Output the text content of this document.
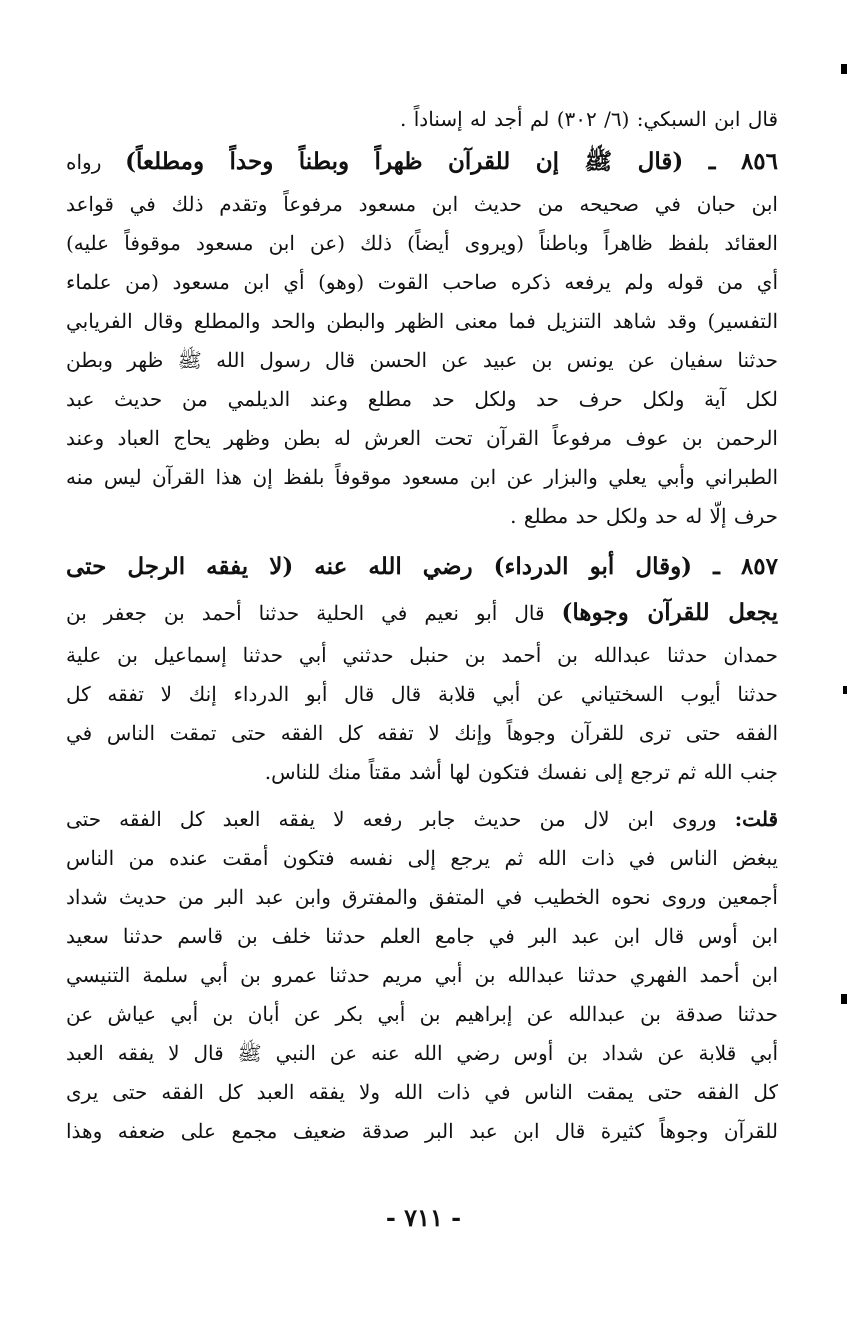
قال ابن السبكي: (٦/ ٣٠٢) لم أجد له إسناداً .
٨٥٦ ـ (قال ﷺ إن للقرآن ظهراً وبطناً وحداً ومطلعاً) رواه
ابن حبان في صحيحه من حديث ابن مسعود مرفوعاً وتقدم ذلك في قواعد
العقائد بلفظ ظاهراً وباطناً (ويروى أيضاً) ذلك (عن ابن مسعود موقوفاً عليه)
أي من قوله ولم يرفعه ذكره صاحب القوت (وهو) أي ابن مسعود (من علماء
التفسير) وقد شاهد التنزيل فما معنى الظهر والبطن والحد والمطلع وقال الفريابي
حدثنا سفيان عن يونس بن عبيد عن الحسن قال رسول الله ﷺ ظهر وبطن
لكل آية ولكل حرف حد ولكل حد مطلع وعند الديلمي من حديث عبد
الرحمن بن عوف مرفوعاً القرآن تحت العرش له بطن وظهر يحاج العباد وعند
الطبراني وأبي يعلي والبزار عن ابن مسعود موقوفاً بلفظ إن هذا القرآن ليس منه
حرف إلّا له حد ولكل حد مطلع .
٨٥٧ ـ (وقال أبو الدرداء) رضي الله عنه (لا يفقه الرجل حتى
يجعل للقرآن وجوها) قال أبو نعيم في الحلية حدثنا أحمد بن جعفر بن
حمدان حدثنا عبدالله بن أحمد بن حنبل حدثني أبي حدثنا إسماعيل بن علية
حدثنا أيوب السختياني عن أبي قلابة قال قال أبو الدرداء إنك لا تفقه كل
الفقه حتى ترى للقرآن وجوهاً وإنك لا تفقه كل الفقه حتى تمقت الناس في
جنب الله ثم ترجع إلى نفسك فتكون لها أشد مقتاً منك للناس.
قلت: وروى ابن لال من حديث جابر رفعه لا يفقه العبد كل الفقه حتى
يبغض الناس في ذات الله ثم يرجع إلى نفسه فتكون أمقت عنده من الناس
أجمعين وروى نحوه الخطيب في المتفق والمفترق وابن عبد البر من حديث شداد
ابن أوس قال ابن عبد البر في جامع العلم حدثنا خلف بن قاسم حدثنا سعيد
ابن أحمد الفهري حدثنا عبدالله بن أبي مريم حدثنا عمرو بن أبي سلمة التنيسي
حدثنا صدقة بن عبدالله عن إبراهيم بن أبي بكر عن أبان بن أبي عياش عن
أبي قلابة عن شداد بن أوس رضي الله عنه عن النبي ﷺ قال لا يفقه العبد
كل الفقه حتى يمقت الناس في ذات الله ولا يفقه العبد كل الفقه حتى يرى
للقرآن وجوهاً كثيرة قال ابن عبد البر صدقة ضعيف مجمع على ضعفه وهذا
- ٧١١ -
